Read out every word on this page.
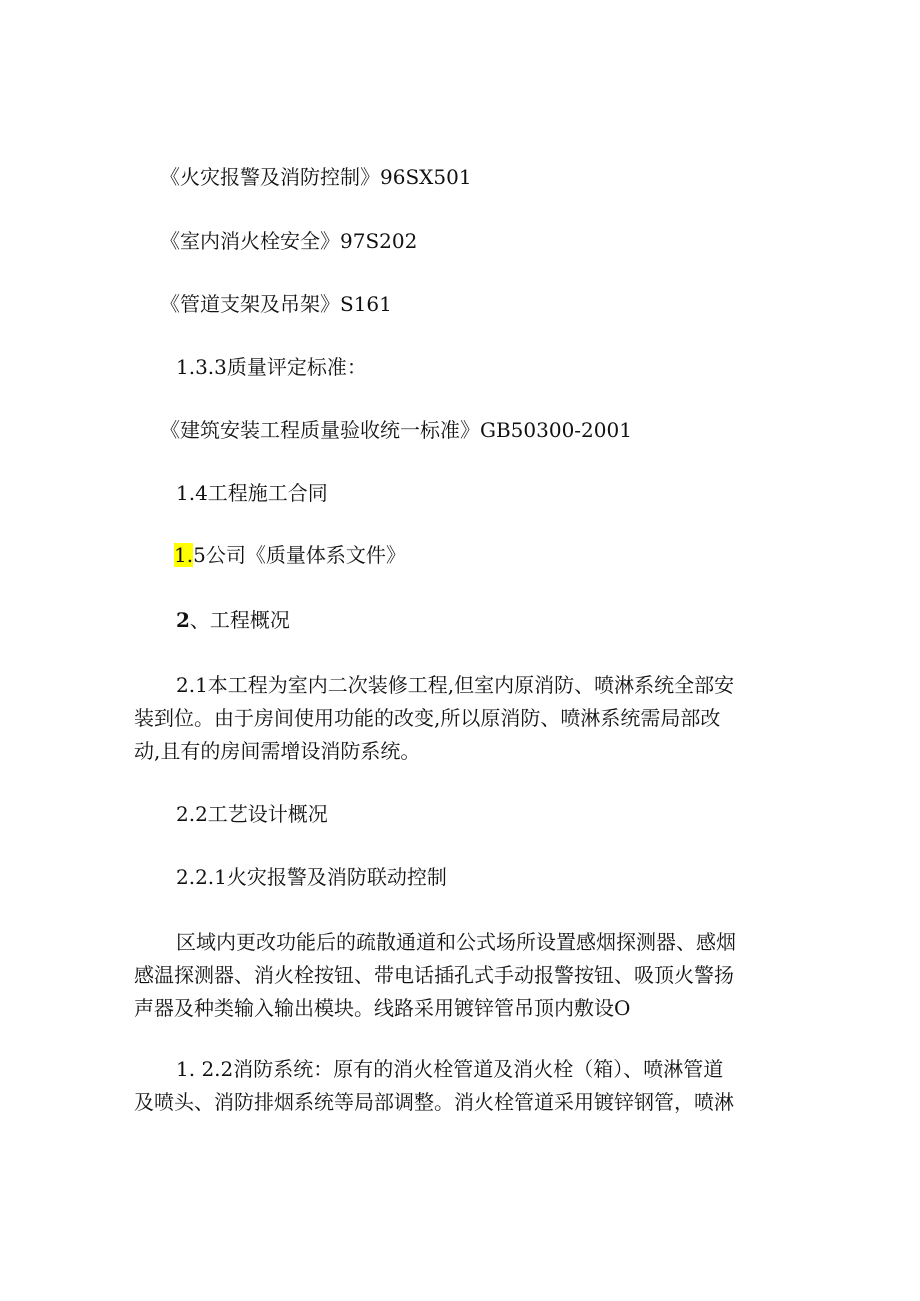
《火灾报警及消防控制》96SX501
《室内消火栓安全》97S202
《管道支架及吊架》S161
1.3.3质量评定标准：
《建筑安装工程质量验收统一标准》GB50300-2001
1.4工程施工合同
1.5公司《质量体系文件》
2、工程概况
2.1本工程为室内二次装修工程,但室内原消防、喷淋系统全部安
装到位。由于房间使用功能的改变,所以原消防、喷淋系统需局部改
动,且有的房间需增设消防系统。
2.2工艺设计概况
2.2.1火灾报警及消防联动控制
区域内更改功能后的疏散通道和公式场所设置感烟探测器、感烟
感温探测器、消火栓按钮、带电话插孔式手动报警按钮、吸顶火警扬
声器及种类输入输出模块。线路采用镀锌管吊顶内敷设O
1. 2.2消防系统：原有的消火栓管道及消火栓（箱）、喷淋管道
及喷头、消防排烟系统等局部调整。消火栓管道采用镀锌钢管，喷淋
